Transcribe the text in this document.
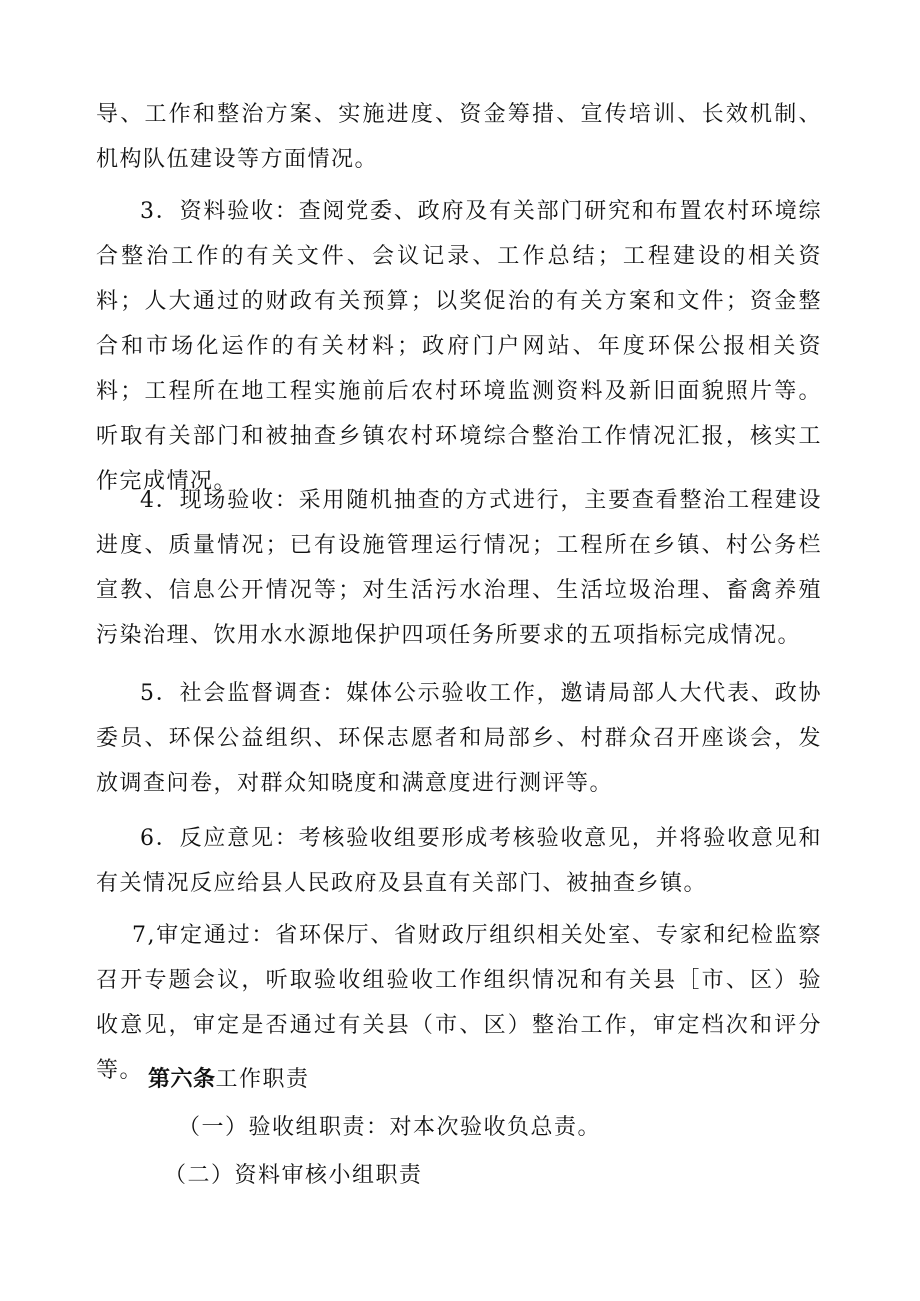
导、工作和整治方案、实施进度、资金筹措、宣传培训、长效机制、机构队伍建设等方面情况。

3．资料验收：查阅党委、政府及有关部门研究和布置农村环境综合整治工作的有关文件、会议记录、工作总结；工程建设的相关资料；人大通过的财政有关预算；以奖促治的有关方案和文件；资金整合和市场化运作的有关材料；政府门户网站、年度环保公报相关资料；工程所在地工程实施前后农村环境监测资料及新旧面貌照片等。听取有关部门和被抽查乡镇农村环境综合整治工作情况汇报，核实工作完成情况。

4．现场验收：采用随机抽查的方式进行，主要查看整治工程建设进度、质量情况；已有设施管理运行情况；工程所在乡镇、村公务栏宣教、信息公开情况等；对生活污水治理、生活垃圾治理、畜禽养殖污染治理、饮用水水源地保护四项任务所要求的五项指标完成情况。

5．社会监督调查：媒体公示验收工作，邀请局部人大代表、政协委员、环保公益组织、环保志愿者和局部乡、村群众召开座谈会，发放调查问卷，对群众知晓度和满意度进行测评等。

6．反应意见：考核验收组要形成考核验收意见，并将验收意见和有关情况反应给县人民政府及县直有关部门、被抽查乡镇。

7,审定通过：省环保厅、省财政厅组织相关处室、专家和纪检监察召开专题会议，听取验收组验收工作组织情况和有关县［市、区）验收意见，审定是否通过有关县（市、区）整治工作，审定档次和评分等。 第六条工作职责

（一）验收组职责：对本次验收负总责。

（二）资料审核小组职责
